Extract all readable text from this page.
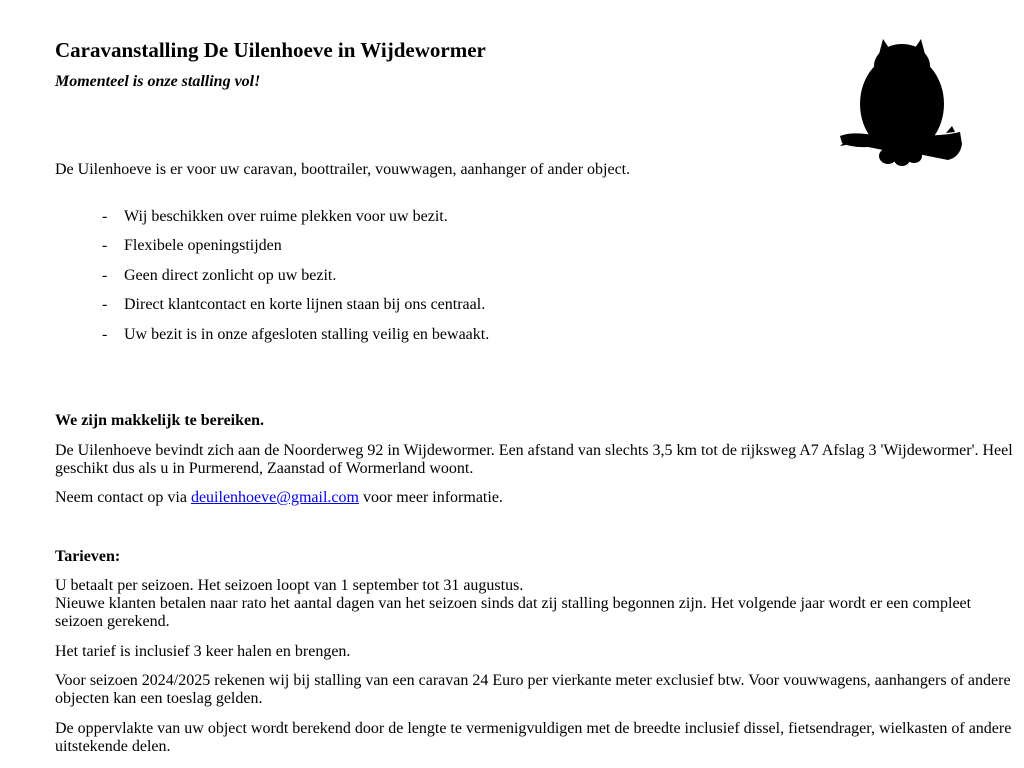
Caravanstalling De Uilenhoeve in Wijdewormer
Momenteel is onze stalling vol!
De Uilenhoeve is er voor uw caravan, boottrailer, vouwwagen, aanhanger of ander object.
- Wij beschikken over ruime plekken voor uw bezit.
- Flexibele openingstijden
- Geen direct zonlicht op uw bezit.
- Direct klantcontact en korte lijnen staan bij ons centraal.
- Uw bezit is in onze afgesloten stalling veilig en bewaakt.
We zijn makkelijk te bereiken.
De Uilenhoeve bevindt zich aan de Noorderweg 92 in Wijdewormer. Een afstand van slechts 3,5 km tot de rijksweg A7 Afslag 3 'Wijdewormer'. Heel geschikt dus als u in Purmerend, Zaanstad of Wormerland woont.
Neem contact op via deuilenhoeve@gmail.com voor meer informatie.
Tarieven:
U betaalt per seizoen. Het seizoen loopt van 1 september tot 31 augustus.
Nieuwe klanten betalen naar rato het aantal dagen van het seizoen sinds dat zij stalling begonnen zijn. Het volgende jaar wordt er een compleet seizoen gerekend.
Het tarief is inclusief 3 keer halen en brengen.
Voor seizoen 2024/2025 rekenen wij bij stalling van een caravan 24 Euro per vierkante meter exclusief btw. Voor vouwwagens, aanhangers of andere objecten kan een toeslag gelden.
De oppervlakte van uw object wordt berekend door de lengte te vermenigvuldigen met de breedte inclusief dissel, fietsendrager, wielkasten of andere uitstekende delen.
